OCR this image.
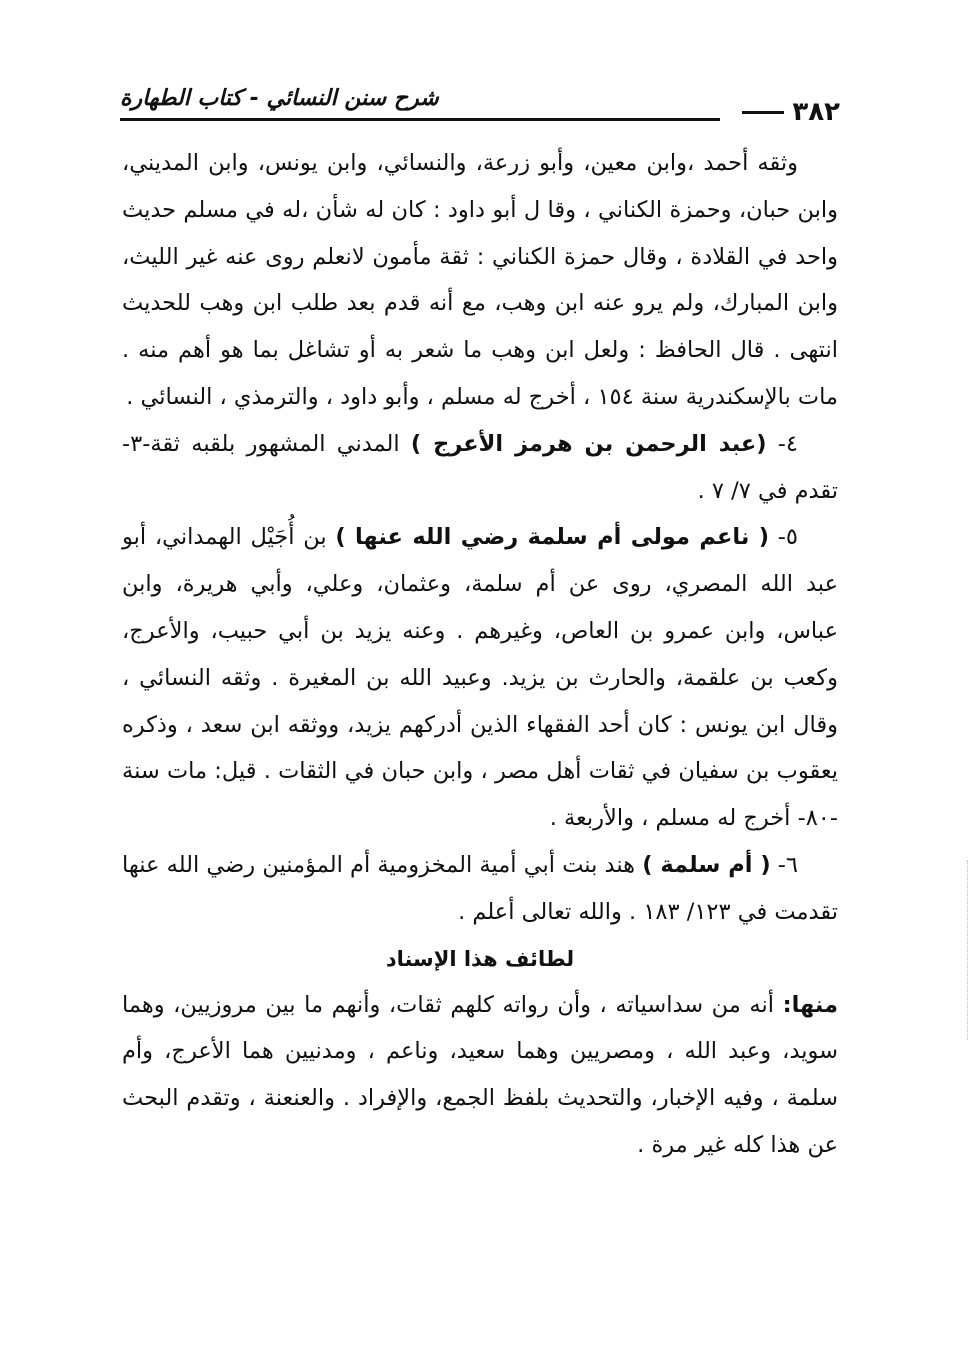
شرح سنن النسائي - كتاب الطهارة	٣٨٢

وثقه أحمد ،وابن معين، وأبو زرعة، والنسائي، وابن يونس، وابن المديني، وابن حبان، وحمزة الكناني ، وقا ل أبو داود : كان له شأن ،له في مسلم حديث واحد في القلادة ، وقال حمزة الكناني : ثقة مأمون لانعلم روى عنه غير الليث، وابن المبارك، ولم يرو عنه ابن وهب، مع أنه قدم بعد طلب ابن وهب للحديث انتهى . قال الحافظ : ولعل ابن وهب ما شعر به أو تشاغل بما هو أهم منه . مات بالإسكندرية سنة ١٥٤ ، أخرج له مسلم ، وأبو داود ، والترمذي ، النسائي .

٤- (عبد الرحمن بن هرمز الأعرج ) المدني المشهور بلقبه ثقة-٣- تقدم في ٧/ ٧ .

٥- ( ناعم مولى أم سلمة رضي الله عنها ) بن أُجَيْل الهمداني، أبو عبد الله المصري، روى عن أم سلمة، وعثمان، وعلي، وأبي هريرة، وابن عباس، وابن عمرو بن العاص، وغيرهم . وعنه يزيد بن أبي حبيب، والأعرج، وكعب بن علقمة، والحارث بن يزيد. وعبيد الله بن المغيرة . وثقه النسائي ، وقال ابن يونس : كان أحد الفقهاء الذين أدركهم يزيد، ووثقه ابن سعد ، وذكره يعقوب بن سفيان في ثقات أهل مصر ، وابن حبان في الثقات . قيل: مات سنة -٨٠- أخرج له مسلم ، والأربعة .

٦- ( أم سلمة ) هند بنت أبي أمية المخزومية أم المؤمنين رضي الله عنها تقدمت في ١٢٣/ ١٨٣ . والله تعالى أعلم .

لطائف هذا الإسناد

منها: أنه من سداسياته ، وأن رواته كلهم ثقات، وأنهم ما بين مروزيين، وهما سويد، وعبد الله ، ومصريين وهما سعيد، وناعم ، ومدنيين هما الأعرج، وأم سلمة ، وفيه الإخبار، والتحديث بلفظ الجمع، والإفراد . والعنعنة ، وتقدم البحث عن هذا كله غير مرة .
